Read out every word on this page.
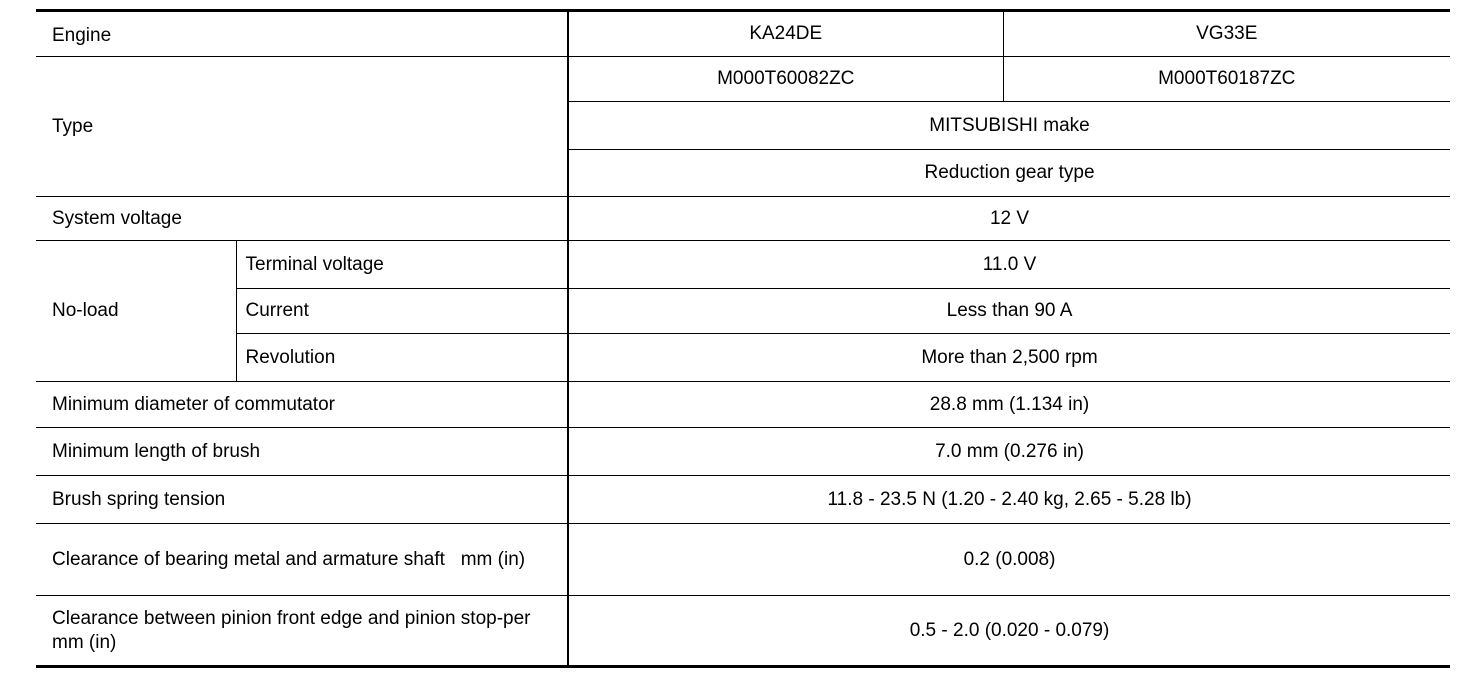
Engine		KA24DE	VG33E
Type		M000T60082ZC	M000T60187ZC
		MITSUBISHI make	
		Reduction gear type	
System voltage		12 V	
No-load	Terminal voltage	11.0 V	
	Current	Less than 90 A	
	Revolution	More than 2,500 rpm	
Minimum diameter of commutator		28.8 mm (1.134 in)	
Minimum length of brush		7.0 mm (0.276 in)	
Brush spring tension		11.8 - 23.5 N (1.20 - 2.40 kg, 2.65 - 5.28 lb)	
Clearance of bearing metal and armature shaft   mm (in)		0.2 (0.008)	
Clearance between pinion front edge and pinion stop-per   mm (in)		0.5 - 2.0 (0.020 - 0.079)	
